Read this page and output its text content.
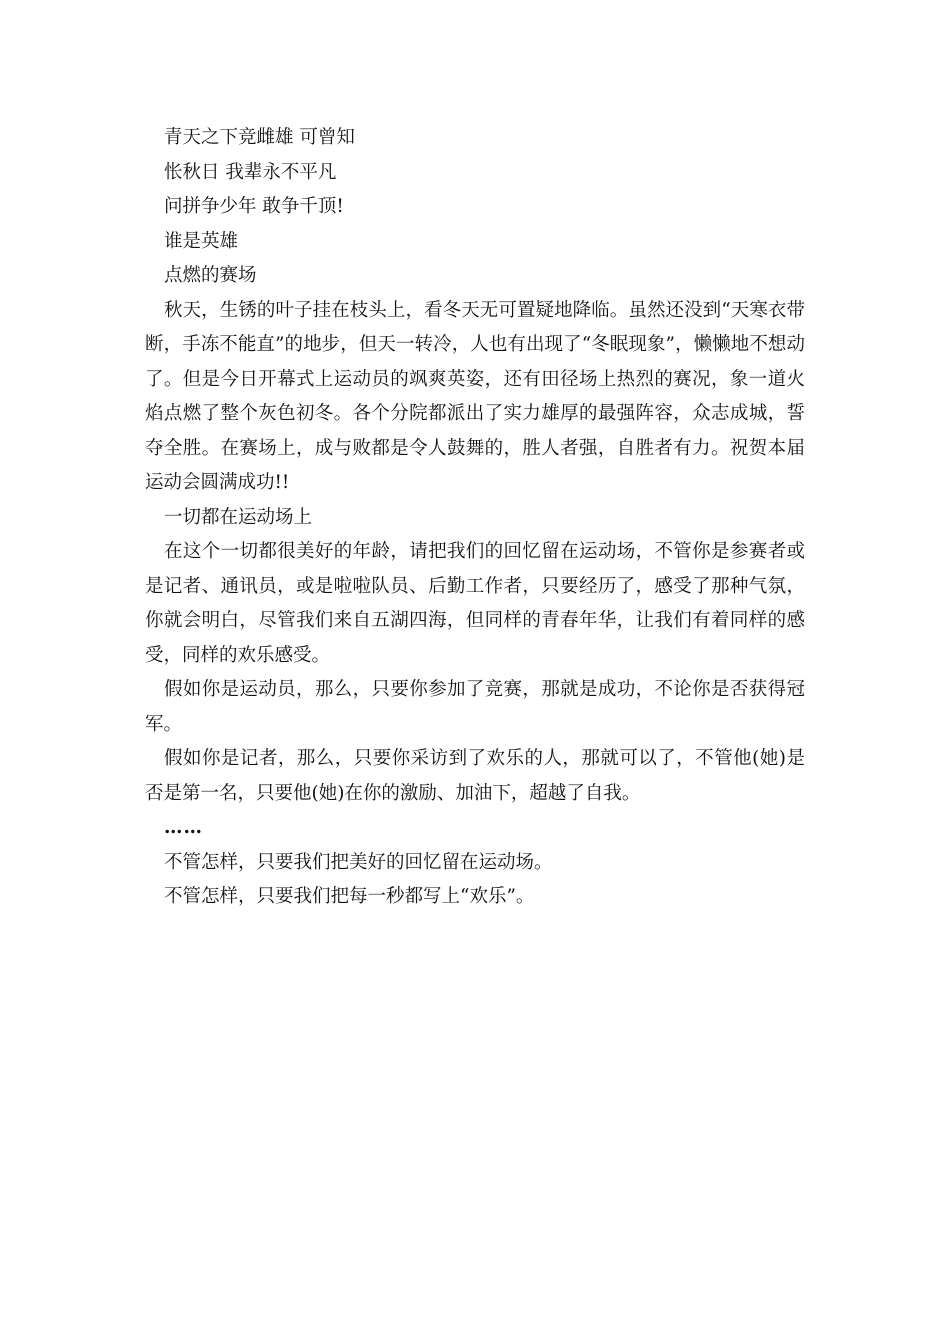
青天之下竞雌雄 可曾知

怅秋日 我辈永不平凡

问拼争少年 敢争千顶!

谁是英雄

点燃的赛场

秋天，生锈的叶子挂在枝头上，看冬天无可置疑地降临。虽然还没到“天寒衣带断，手冻不能直”的地步，但天一转冷，人也有出现了“冬眠现象”，懒懒地不想动了。但是今日开幕式上运动员的飒爽英姿，还有田径场上热烈的赛况，象一道火焰点燃了整个灰色初冬。各个分院都派出了实力雄厚的最强阵容，众志成城，誓夺全胜。在赛场上，成与败都是令人鼓舞的，胜人者强，自胜者有力。祝贺本届运动会圆满成功!!

一切都在运动场上

在这个一切都很美好的年龄，请把我们的回忆留在运动场，不管你是参赛者或是记者、通讯员，或是啦啦队员、后勤工作者，只要经历了，感受了那种气氛，你就会明白，尽管我们来自五湖四海，但同样的青春年华，让我们有着同样的感受，同样的欢乐感受。

假如你是运动员，那么，只要你参加了竞赛，那就是成功，不论你是否获得冠军。

假如你是记者，那么，只要你采访到了欢乐的人，那就可以了，不管他(她)是否是第一名，只要他(她)在你的激励、加油下，超越了自我。

……

不管怎样，只要我们把美好的回忆留在运动场。

不管怎样，只要我们把每一秒都写上“欢乐”。
